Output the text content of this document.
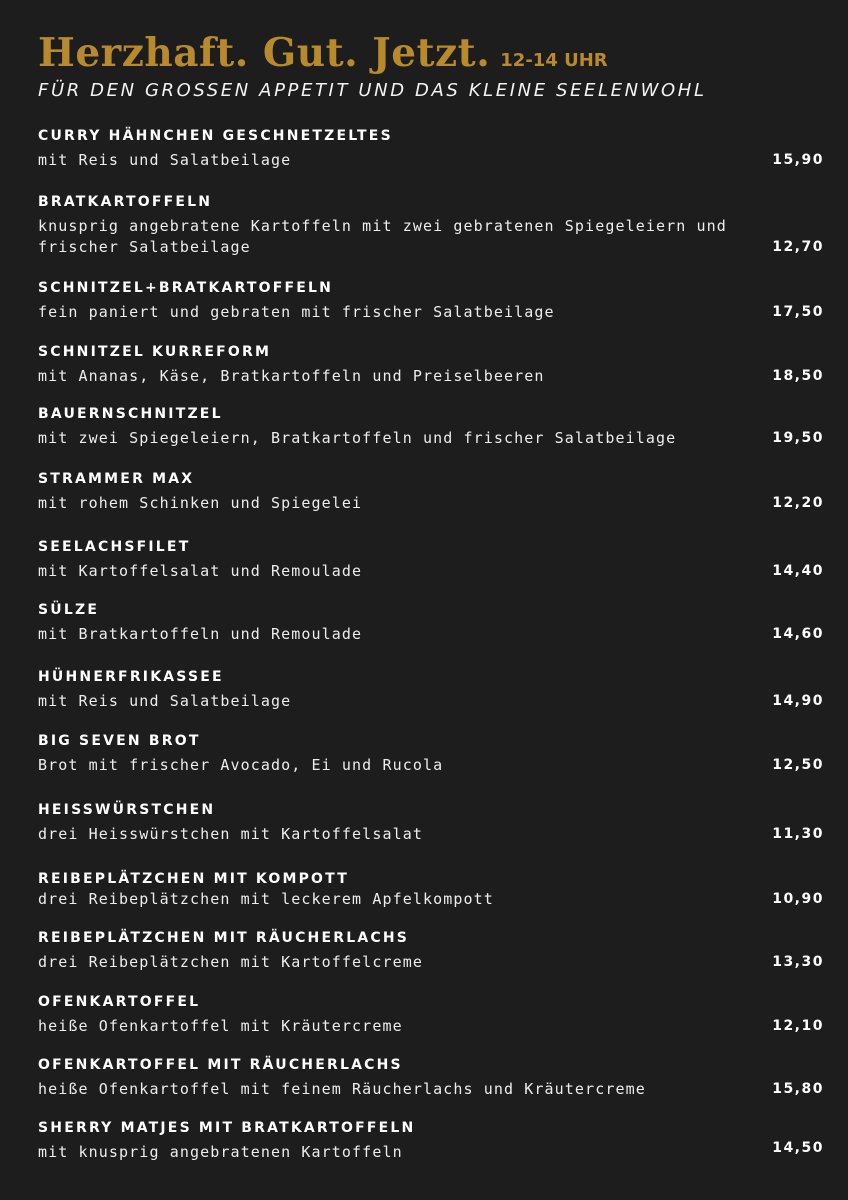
Herzhaft. Gut. Jetzt. 12-14 UHR
FÜR DEN GROSSEN APPETIT UND DAS KLEINE SEELENWOHL
CURRY HÄHNCHEN GESCHNETZELTES
mit Reis und Salatbeilage	15,90
BRATKARTOFFELN
knusprig angebratene Kartoffeln mit zwei gebratenen Spiegeleiern und frischer Salatbeilage	12,70
SCHNITZEL+BRATKARTOFFELN
fein paniert und gebraten mit frischer Salatbeilage	17,50
SCHNITZEL KURREFORM
mit Ananas, Käse, Bratkartoffeln und Preiselbeeren	18,50
BAUERNSCHNITZEL
mit zwei Spiegeleiern, Bratkartoffeln und frischer Salatbeilage	19,50
STRAMMER MAX
mit rohem Schinken und Spiegelei	12,20
SEELACHSFILET
mit Kartoffelsalat und Remoulade	14,40
SÜLZE
mit Bratkartoffeln und Remoulade	14,60
HÜHNERFRIKASSEE
mit Reis und Salatbeilage	14,90
BIG SEVEN BROT
Brot mit frischer Avocado, Ei und Rucola	12,50
HEISSWÜRSTCHEN
drei Heisswürstchen mit Kartoffelsalat	11,30
REIBEPLÄTZCHEN MIT KOMPOTT
drei Reibeplätzchen mit leckerem Apfelkompott	10,90
REIBEPLÄTZCHEN MIT RÄUCHERLACHS
drei Reibeplätzchen mit Kartoffelcreme	13,30
OFENKARTOFFEL
heiße Ofenkartoffel mit Kräutercreme	12,10
OFENKARTOFFEL MIT RÄUCHERLACHS
heiße Ofenkartoffel mit feinem Räucherlachs und Kräutercreme	15,80
SHERRY MATJES MIT BRATKARTOFFELN
mit knusprig angebratenen Kartoffeln	14,50
